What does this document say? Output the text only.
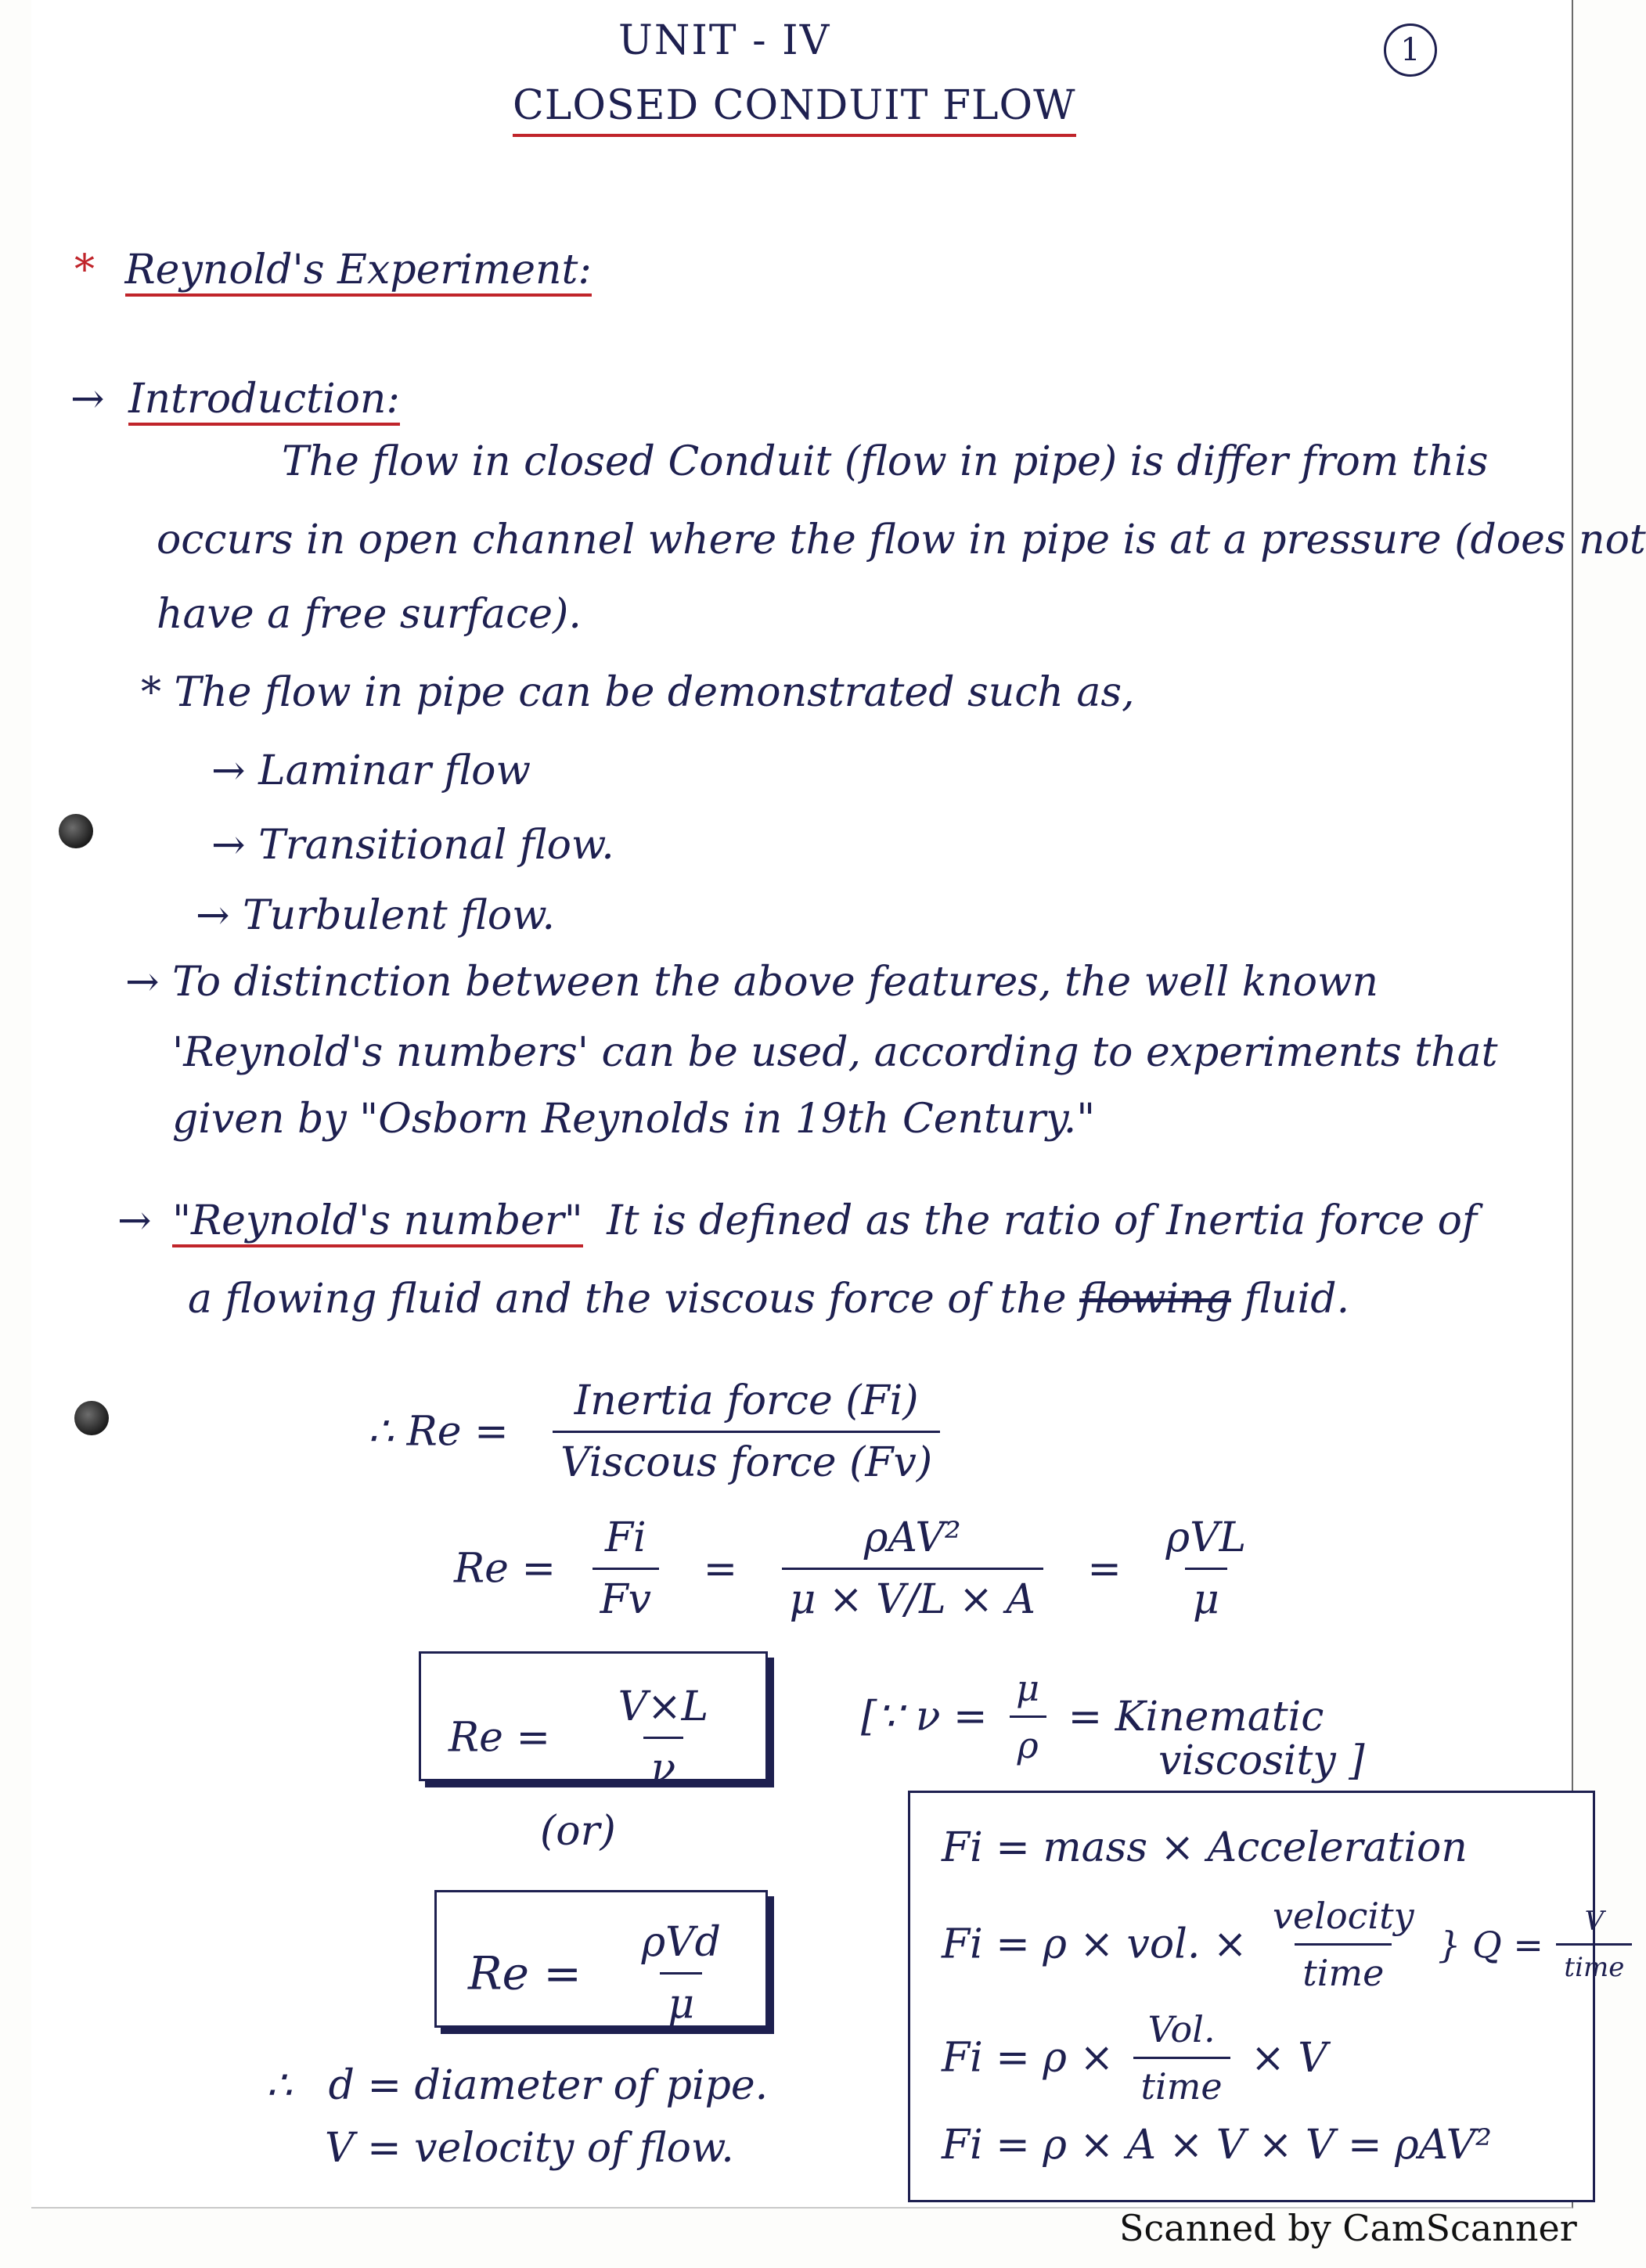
UNIT - IV
CLOSED CONDUIT FLOW
1
* Reynold's Experiment:
→ Introduction:
The flow in closed Conduit (flow in pipe) is differ from this
occurs in open channel where the flow in pipe is at a pressure (does not
have a free surface).
* The flow in pipe can be demonstrated such as,
→ Laminar flow
→ Transitional flow.
→ Turbulent flow.
→ To distinction between the above features, the well known
'Reynold's numbers' can be used, according to experiments that
given by "Osborn Reynolds in 19th Century."
→ "Reynold's number" It is defined as the ratio of Inertia force of
a flowing fluid and the viscous force of the flowing fluid.
∴ $Re = \frac{\text{Inertia force (Fi)}}{\text{Viscous force (Fv)}}$
$Re = \frac{Fi}{Fv} = \frac{\text{ρAV²}}{\mu \times V/L \times A} = \frac{\text{ρVL}}{\mu}$
$Re = \frac{V\times L}{\nu}$	[∵ $\nu = \frac{\mu}{\rho}$ = Kinematic
viscosity ]
(or)
$Re = \frac{\text{ρVd}}{\mu}$
∴ d = diameter of pipe.
V = velocity of flow.
Fi = mass × Acceleration
Fi = ρ × vol. × $\frac{\text{velocity}}{\text{time}}$ } $Q = \frac{V}{\text{time}}$
$Fi = \rho \times \frac{\text{Vol.}}{\text{time}} \times V$
Fi = ρ × A × V × V = ρAV²
Scanned by CamScanner
